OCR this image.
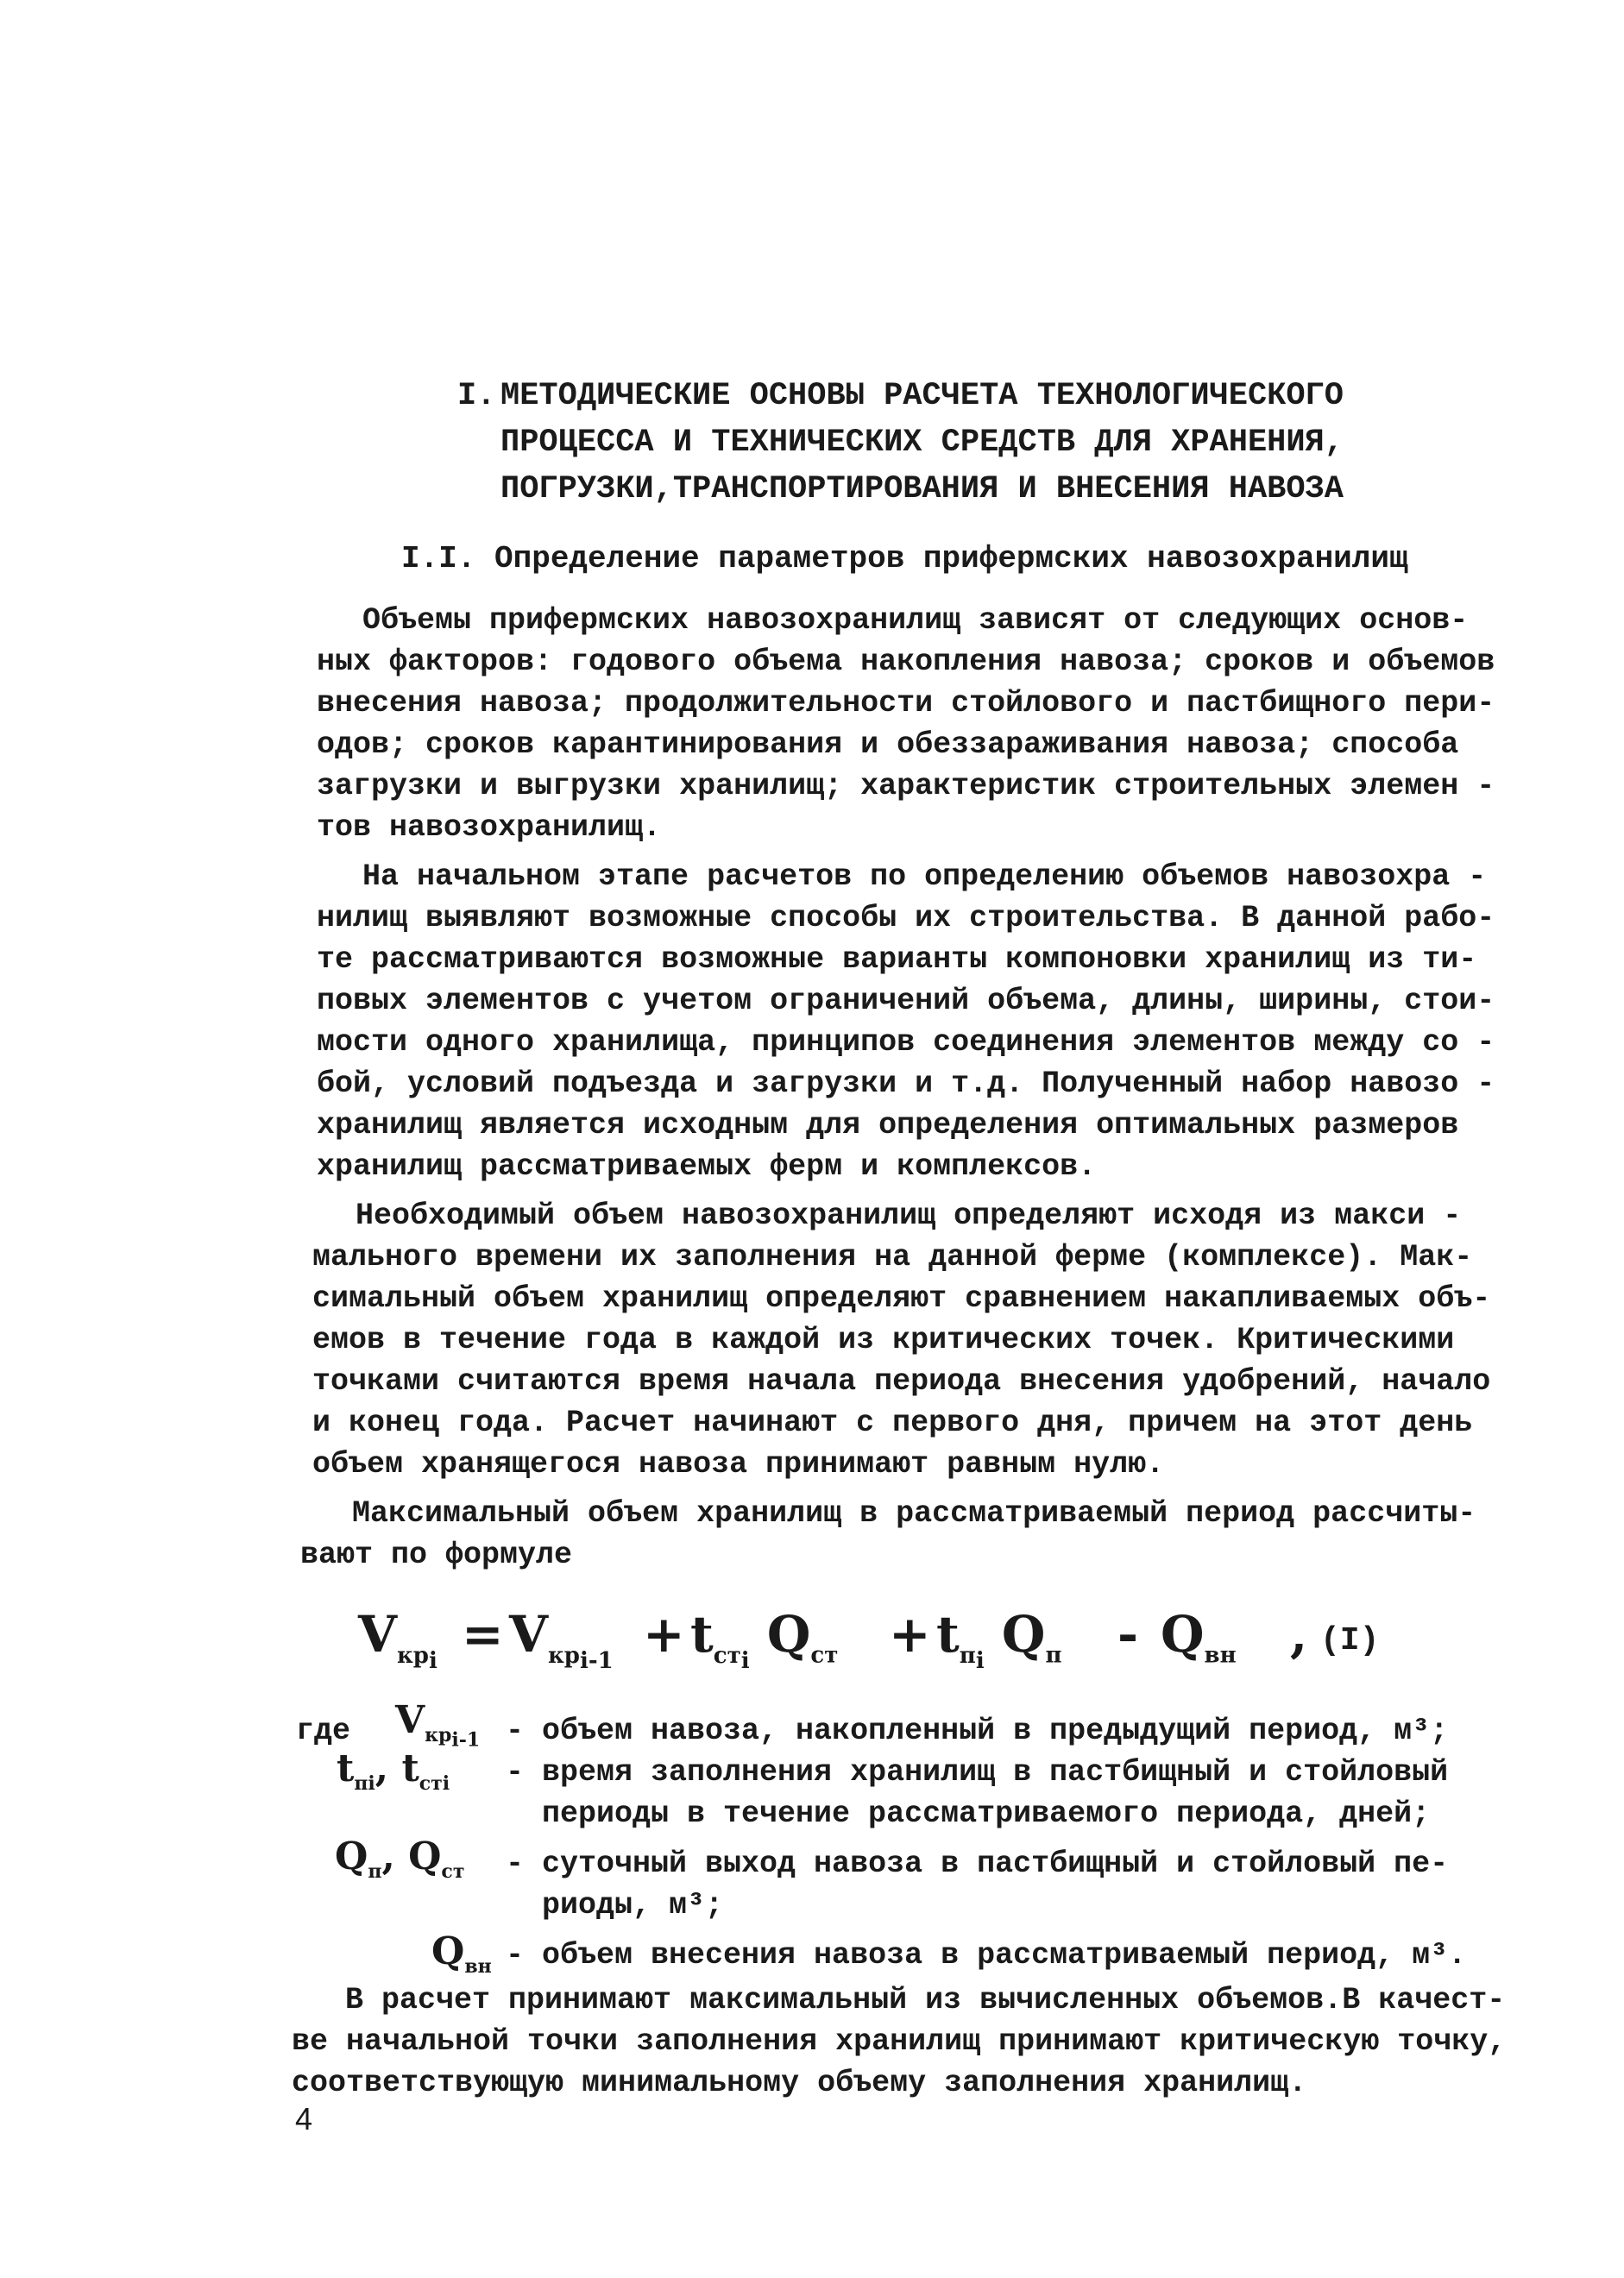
I. МЕТОДИЧЕСКИЕ ОСНОВЫ РАСЧЕТА ТЕХНОЛОГИЧЕСКОГО
ПРОЦЕССА И ТЕХНИЧЕСКИХ СРЕДСТВ ДЛЯ ХРАНЕНИЯ,
ПОГРУЗКИ,ТРАНСПОРТИРОВАНИЯ И ВНЕСЕНИЯ НАВОЗА
I.I. Определение параметров прифермских навозохранилищ
Объемы прифермских навозохранилищ зависят от следующих основ-
ных факторов: годового объема накопления навоза; сроков и объемов
внесения навоза; продолжительности стойлового и пастбищного пери-
одов; сроков карантинирования и обеззараживания навоза; способа
загрузки и выгрузки хранилищ; характеристик строительных элемен -
тов навозохранилищ.
На начальном этапе расчетов по определению объемов навозохра -
нилищ выявляют возможные способы их строительства. В данной рабо-
те рассматриваются возможные варианты компоновки хранилищ из ти-
повых элементов с учетом ограничений объема, длины, ширины, стои-
мости одного хранилища, принципов соединения элементов между со -
бой, условий подъезда и загрузки и т.д. Полученный набор навозо -
хранилищ является исходным для определения оптимальных размеров
хранилищ рассматриваемых ферм и комплексов.
Необходимый объем навозохранилищ определяют исходя из макси -
мального времени их заполнения на данной ферме (комплексе). Мак-
симальный объем хранилищ определяют сравнением накапливаемых объ-
емов в течение года в каждой из критических точек. Критическими
точками считаются время начала периода внесения удобрений, начало
и конец года. Расчет начинают с первого дня, причем на этот день
объем хранящегося навоза принимают равным нулю.
Максимальный объем хранилищ в рассматриваемый период рассчиты-
вают по формуле
$V_{кр_i} = V_{кр_{i-1}} + t_{ст_i}$ $Q_{ст} + t_{п_i}$ $Q_п - Q_{вн}$ , (I)
где $V_{кр_{i-1}}$ - объем навоза, накопленный в предыдущий период, м³;
$t_{пi}$, $t_{стi}$ - время заполнения хранилищ в пастбищный и стойловый
периоды в течение рассматриваемого периода, дней;
$Q_п$, $Q_{ст}$ - суточный выход навоза в пастбищный и стойловый пе-
риоды, м³;
$Q_{вн}$ - объем внесения навоза в рассматриваемый период, м³.
В расчет принимают максимальный из вычисленных объемов.В качест-
ве начальной точки заполнения хранилищ принимают критическую точку,
соответствующую минимальному объему заполнения хранилищ.
4
